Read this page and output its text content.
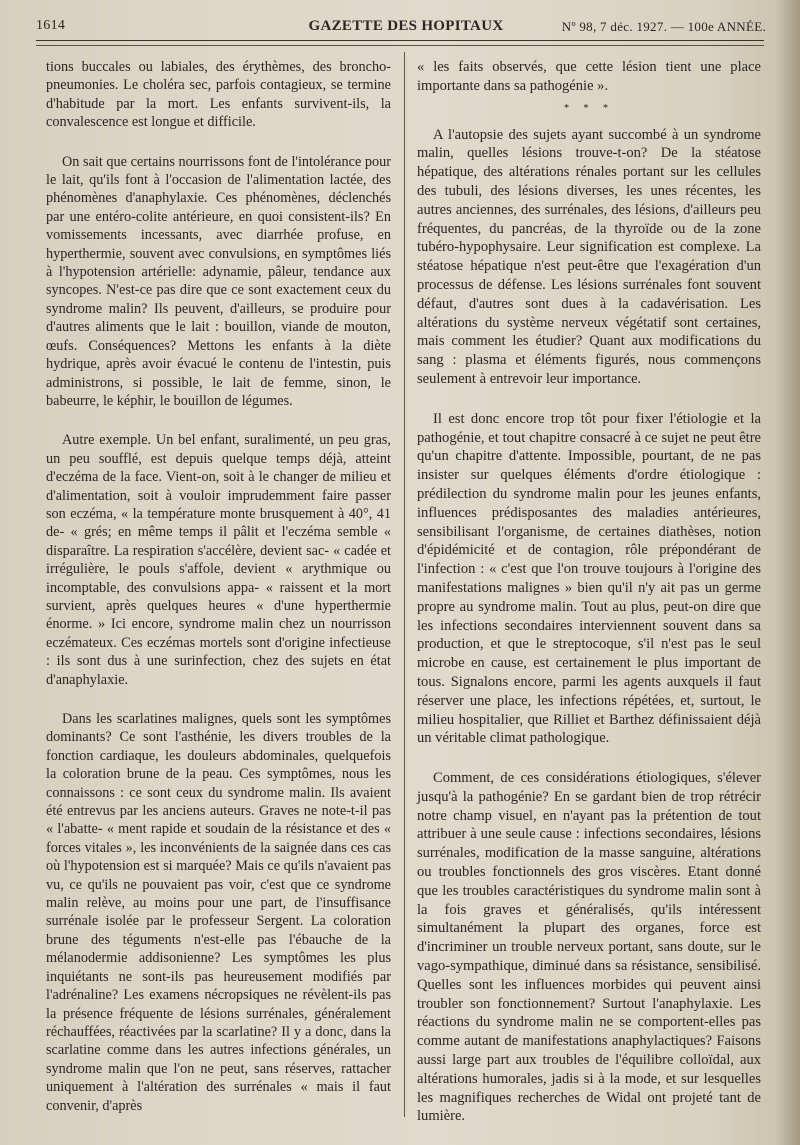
1614	GAZETTE DES HOPITAUX	Nº 98, 7 déc. 1927. — 100e ANNÉE.

tions buccales ou labiales, des érythèmes, des broncho-pneumonies. Le choléra sec, parfois contagieux, se termine d'habitude par la mort. Les enfants survivent-ils, la convalescence est longue et difficile.

On sait que certains nourrissons font de l'intolérance pour le lait, qu'ils font à l'occasion de l'alimentation lactée, des phénomènes d'anaphylaxie. Ces phénomènes, déclenchés par une entéro-colite antérieure, en quoi consistent-ils? En vomissements incessants, avec diarrhée profuse, en hyperthermie, souvent avec convulsions, en symptômes liés à l'hypotension artérielle: adynamie, pâleur, tendance aux syncopes. N'est-ce pas dire que ce sont exactement ceux du syndrome malin? Ils peuvent, d'ailleurs, se produire pour d'autres aliments que le lait : bouillon, viande de mouton, œufs. Conséquences? Mettons les enfants à la diète hydrique, après avoir évacué le contenu de l'intestin, puis administrons, si possible, le lait de femme, sinon, le babeurre, le képhir, le bouillon de légumes.

Autre exemple. Un bel enfant, suralimenté, un peu gras, un peu soufflé, est depuis quelque temps déjà, atteint d'eczéma de la face. Vient-on, soit à le changer de milieu et d'alimentation, soit à vouloir imprudemment faire passer son eczéma, « la température monte brusquement à 40°, 41 de- « grés; en même temps il pâlit et l'eczéma semble « disparaître. La respiration s'accélère, devient sac- « cadée et irrégulière, le pouls s'affole, devient « arythmique ou incomptable, des convulsions appa- « raissent et la mort survient, après quelques heures « d'une hyperthermie énorme. » Ici encore, syndrome malin chez un nourrisson eczémateux. Ces eczémas mortels sont d'origine infectieuse : ils sont dus à une surinfection, chez des sujets en état d'anaphylaxie.

Dans les scarlatines malignes, quels sont les symptômes dominants? Ce sont l'asthénie, les divers troubles de la fonction cardiaque, les douleurs abdominales, quelquefois la coloration brune de la peau. Ces symptômes, nous les connaissons : ce sont ceux du syndrome malin. Ils avaient été entrevus par les anciens auteurs. Graves ne note-t-il pas « l'abatte- « ment rapide et soudain de la résistance et des « forces vitales », les inconvénients de la saignée dans ces cas où l'hypotension est si marquée? Mais ce qu'ils n'avaient pas vu, ce qu'ils ne pouvaient pas voir, c'est que ce syndrome malin relève, au moins pour une part, de l'insuffisance surrénale isolée par le professeur Sergent. La coloration brune des téguments n'est-elle pas l'ébauche de la mélanodermie addisonienne? Les symptômes les plus inquiétants ne sont-ils pas heureusement modifiés par l'adrénaline? Les examens nécropsiques ne révèlent-ils pas la présence fréquente de lésions surrénales, généralement réchauffées, réactivées par la scarlatine? Il y a donc, dans la scarlatine comme dans les autres infections générales, un syndrome malin que l'on ne peut, sans réserves, rattacher uniquement à l'altération des surrénales « mais il faut convenir, d'après

« les faits observés, que cette lésion tient une place importante dans sa pathogénie ».

* * *

A l'autopsie des sujets ayant succombé à un syndrome malin, quelles lésions trouve-t-on? De la stéatose hépatique, des altérations rénales portant sur les cellules des tubuli, des lésions diverses, les unes récentes, les autres anciennes, des surrénales, des lésions, d'ailleurs peu fréquentes, du pancréas, de la thyroïde ou de la zone tubéro-hypophysaire. Leur signification est complexe. La stéatose hépatique n'est peut-être que l'exagération d'un processus de défense. Les lésions surrénales font souvent défaut, d'autres sont dues à la cadavérisation. Les altérations du système nerveux végétatif sont certaines, mais comment les étudier? Quant aux modifications du sang : plasma et éléments figurés, nous commençons seulement à entrevoir leur importance.

Il est donc encore trop tôt pour fixer l'étiologie et la pathogénie, et tout chapitre consacré à ce sujet ne peut être qu'un chapitre d'attente. Impossible, pourtant, de ne pas insister sur quelques éléments d'ordre étiologique : prédilection du syndrome malin pour les jeunes enfants, influences prédisposantes des maladies antérieures, sensibilisant l'organisme, de certaines diathèses, notion d'épidémicité et de contagion, rôle prépondérant de l'infection : « c'est que l'on trouve toujours à l'origine des manifestations malignes » bien qu'il n'y ait pas un germe propre au syndrome malin. Tout au plus, peut-on dire que les infections secondaires interviennent souvent dans sa production, et que le streptocoque, s'il n'est pas le seul microbe en cause, est certainement le plus important de tous. Signalons encore, parmi les agents auxquels il faut réserver une place, les infections répétées, et, surtout, le milieu hospitalier, que Rilliet et Barthez définissaient déjà un véritable climat pathologique.

Comment, de ces considérations étiologiques, s'élever jusqu'à la pathogénie? En se gardant bien de trop rétrécir notre champ visuel, en n'ayant pas la prétention de tout attribuer à une seule cause : infections secondaires, lésions surrénales, modification de la masse sanguine, altérations ou troubles fonctionnels des gros viscères. Etant donné que les troubles caractéristiques du syndrome malin sont à la fois graves et généralisés, qu'ils intéressent simultanément la plupart des organes, force est d'incriminer un trouble nerveux portant, sans doute, sur le vago-sympathique, diminué dans sa résistance, sensibilisé. Quelles sont les influences morbides qui peuvent ainsi troubler son fonctionnement? Surtout l'anaphylaxie. Les réactions du syndrome malin ne se comportent-elles pas comme autant de manifestations anaphylactiques? Faisons aussi large part aux troubles de l'équilibre colloïdal, aux altérations humorales, jadis si à la mode, et sur lesquelles les magnifiques recherches de Widal ont projeté tant de lumière.
